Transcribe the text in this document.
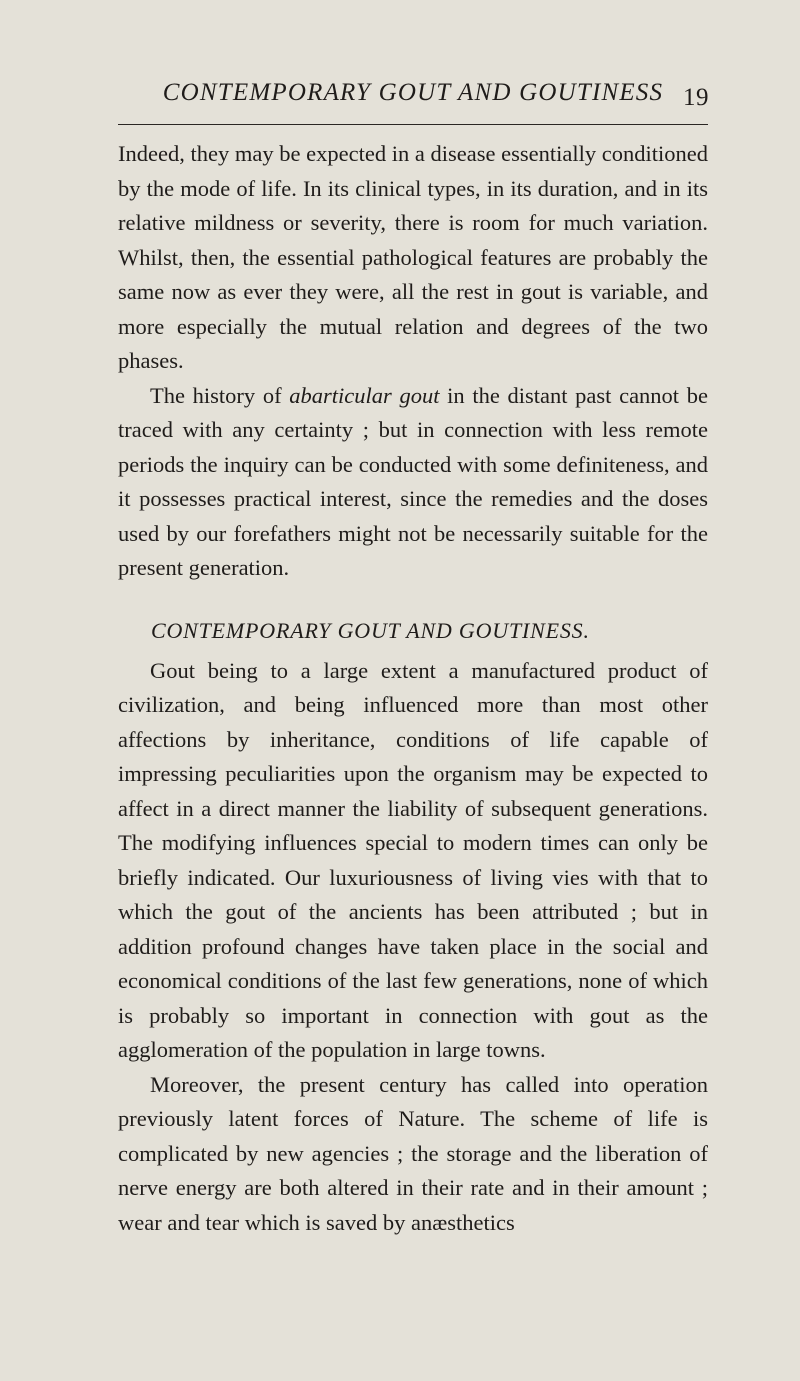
CONTEMPORARY GOUT AND GOUTINESS 19

Indeed, they may be expected in a disease essentially conditioned by the mode of life. In its clinical types, in its duration, and in its relative mildness or severity, there is room for much variation. Whilst, then, the essential pathological features are probably the same now as ever they were, all the rest in gout is variable, and more especially the mutual relation and degrees of the two phases.

The history of abarticular gout in the distant past cannot be traced with any certainty ; but in connection with less remote periods the inquiry can be conducted with some definiteness, and it possesses practical interest, since the remedies and the doses used by our forefathers might not be necessarily suitable for the present generation.

CONTEMPORARY GOUT AND GOUTINESS.

Gout being to a large extent a manufactured product of civilization, and being influenced more than most other affections by inheritance, conditions of life capable of impressing peculiarities upon the organism may be expected to affect in a direct manner the liability of subsequent generations. The modifying influences special to modern times can only be briefly indicated. Our luxuriousness of living vies with that to which the gout of the ancients has been attributed ; but in addition profound changes have taken place in the social and economical conditions of the last few generations, none of which is probably so important in connection with gout as the agglomeration of the population in large towns.

Moreover, the present century has called into operation previously latent forces of Nature. The scheme of life is complicated by new agencies ; the storage and the liberation of nerve energy are both altered in their rate and in their amount ; wear and tear which is saved by anæsthetics
